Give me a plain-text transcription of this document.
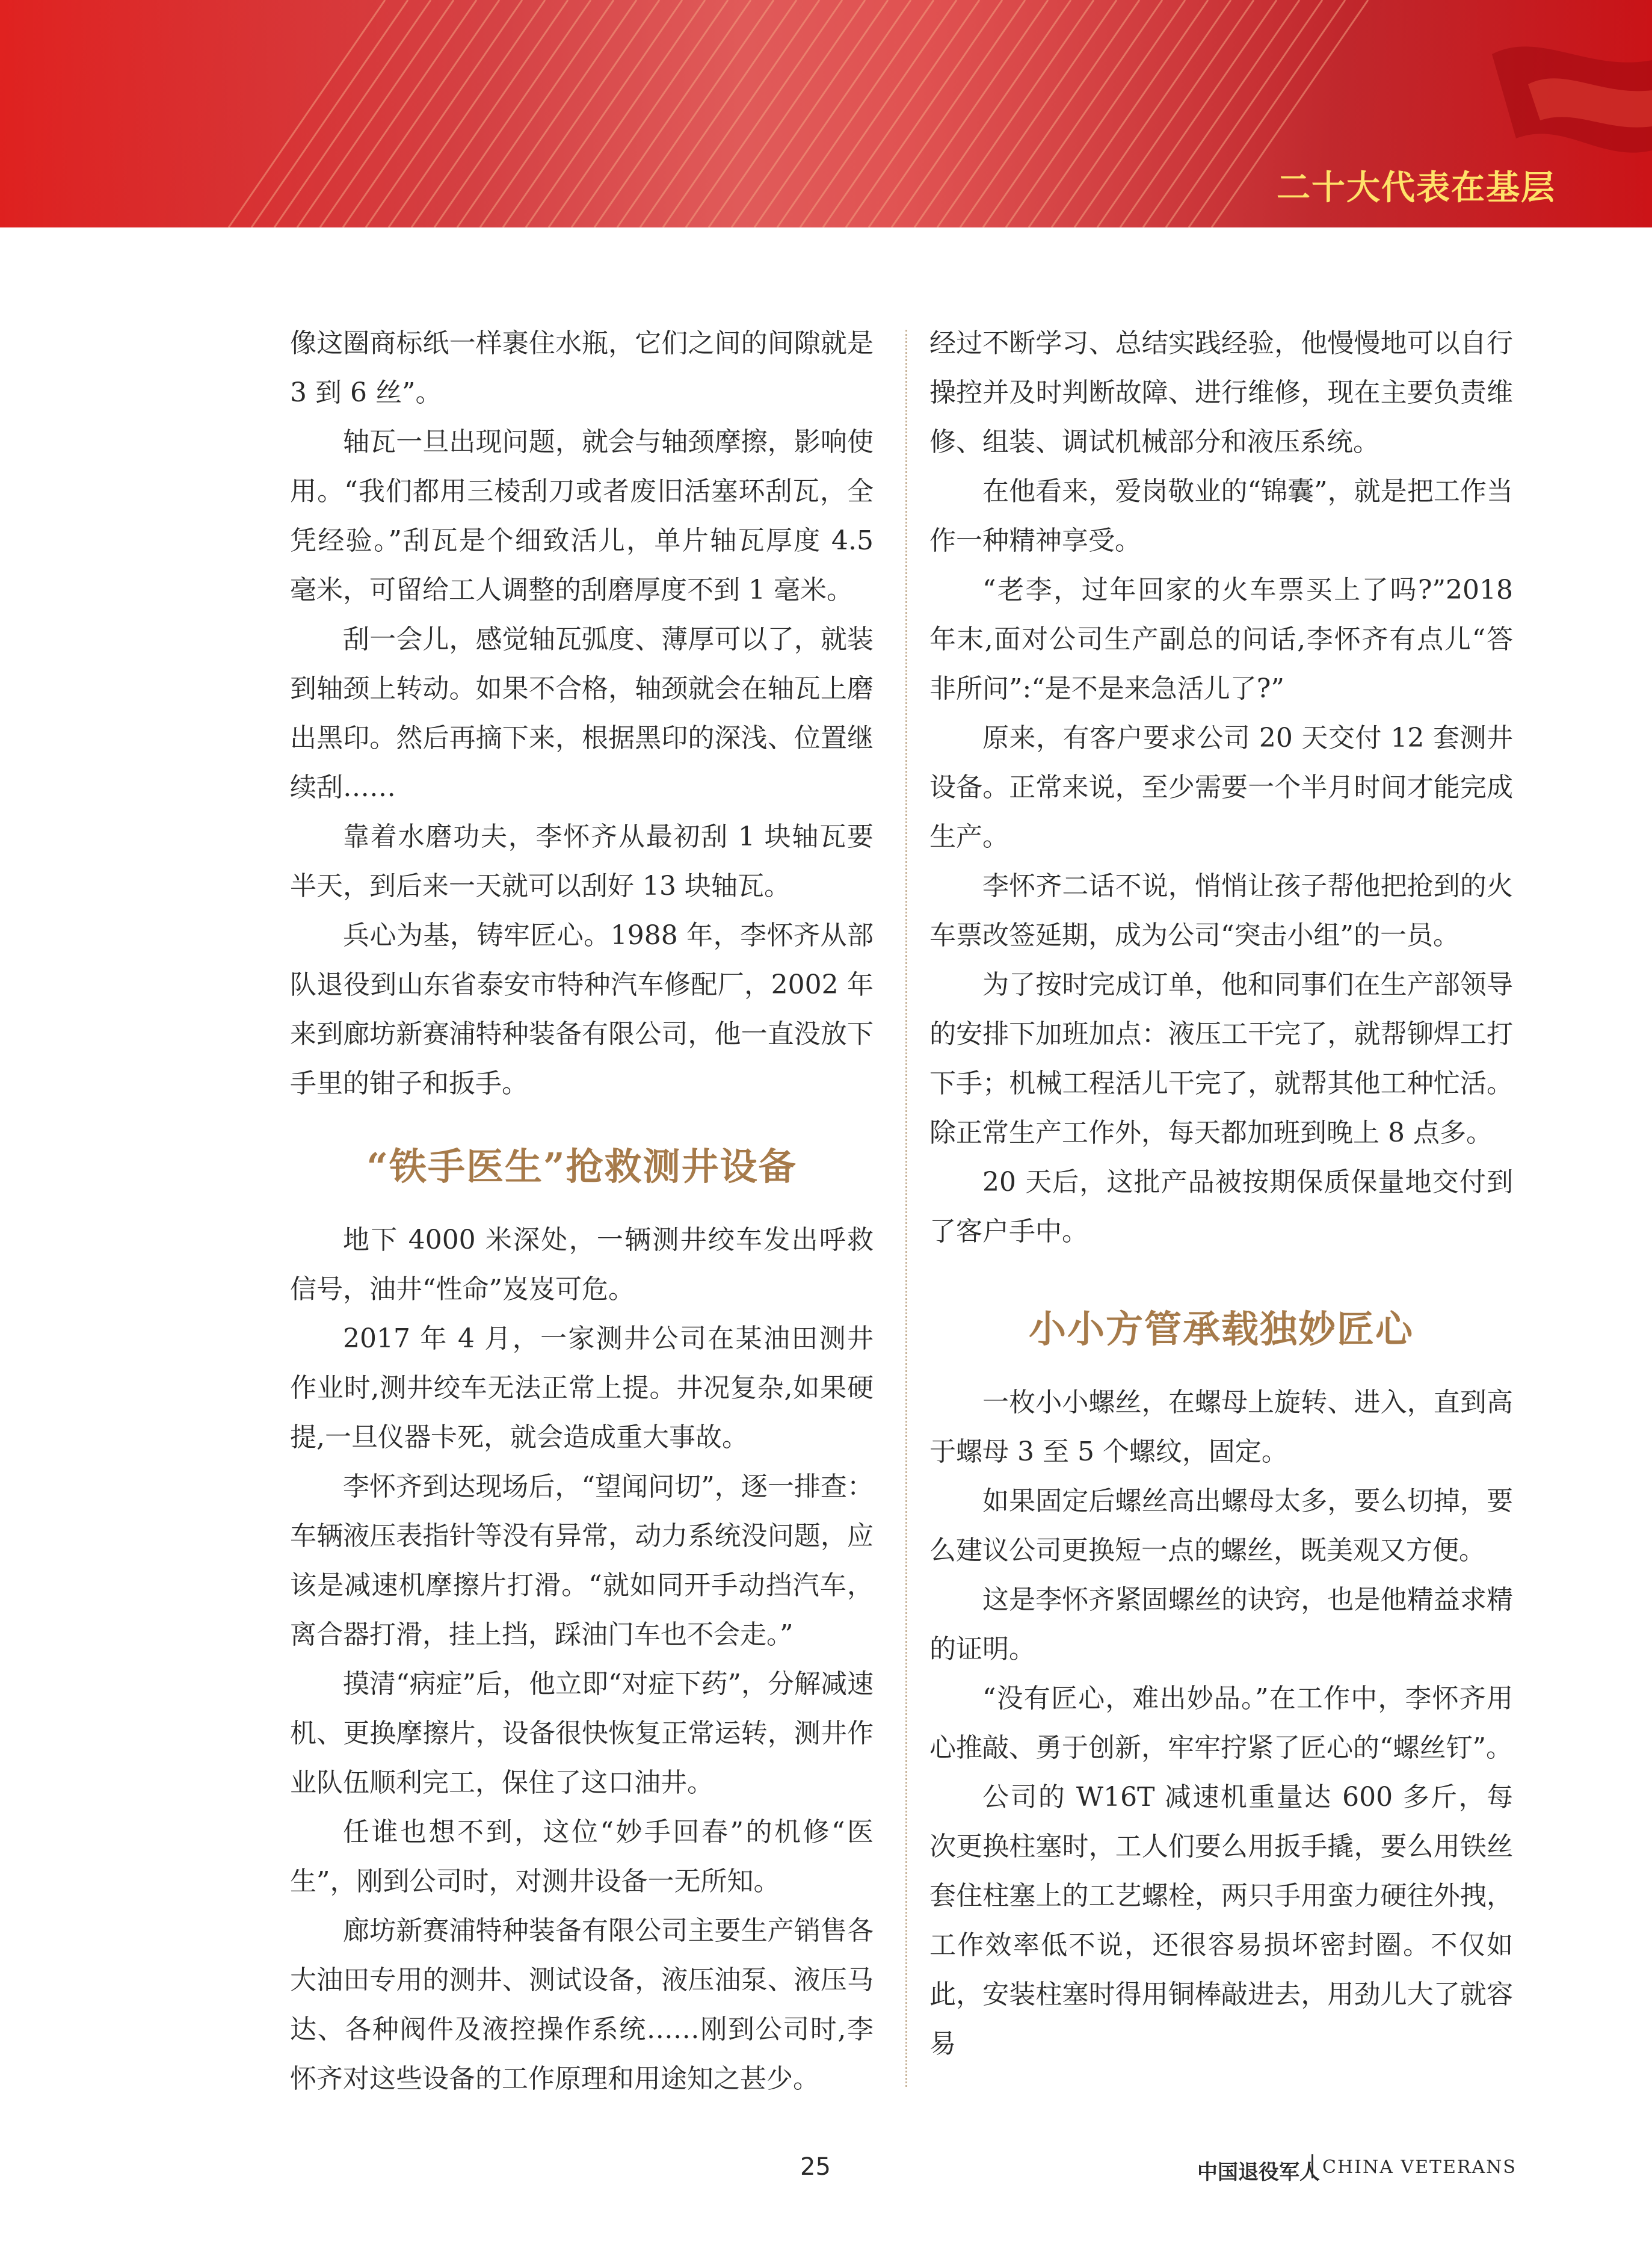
二十大代表在基层

像这圈商标纸一样裹住水瓶，它们之间的间隙就是 3 到 6 丝”。

轴瓦一旦出现问题，就会与轴颈摩擦，影响使用。“我们都用三棱刮刀或者废旧活塞环刮瓦，全凭经验。”刮瓦是个细致活儿，单片轴瓦厚度 4.5 毫米，可留给工人调整的刮磨厚度不到 1 毫米。

刮一会儿，感觉轴瓦弧度、薄厚可以了，就装到轴颈上转动。如果不合格，轴颈就会在轴瓦上磨出黑印。然后再摘下来，根据黑印的深浅、位置继续刮……

靠着水磨功夫，李怀齐从最初刮 1 块轴瓦要半天，到后来一天就可以刮好 13 块轴瓦。

兵心为基，铸牢匠心。1988 年，李怀齐从部队退役到山东省泰安市特种汽车修配厂，2002 年来到廊坊新赛浦特种装备有限公司，他一直没放下手里的钳子和扳手。

“铁手医生”抢救测井设备

地下 4000 米深处，一辆测井绞车发出呼救信号，油井“性命”岌岌可危。

2017 年 4 月，一家测井公司在某油田测井作业时,测井绞车无法正常上提。井况复杂,如果硬提,一旦仪器卡死，就会造成重大事故。

李怀齐到达现场后，“望闻问切”，逐一排查：车辆液压表指针等没有异常，动力系统没问题，应该是减速机摩擦片打滑。“就如同开手动挡汽车，离合器打滑，挂上挡，踩油门车也不会走。”

摸清“病症”后，他立即“对症下药”，分解减速机、更换摩擦片，设备很快恢复正常运转，测井作业队伍顺利完工，保住了这口油井。

任谁也想不到，这位“妙手回春”的机修“医生”，刚到公司时，对测井设备一无所知。

廊坊新赛浦特种装备有限公司主要生产销售各大油田专用的测井、测试设备，液压油泵、液压马达、各种阀件及液控操作系统……刚到公司时,李怀齐对这些设备的工作原理和用途知之甚少。

经过不断学习、总结实践经验，他慢慢地可以自行操控并及时判断故障、进行维修，现在主要负责维修、组装、调试机械部分和液压系统。

在他看来，爱岗敬业的“锦囊”，就是把工作当作一种精神享受。

“老李，过年回家的火车票买上了吗?”2018 年末,面对公司生产副总的问话,李怀齐有点儿“答非所问”:“是不是来急活儿了?”

原来，有客户要求公司 20 天交付 12 套测井设备。正常来说，至少需要一个半月时间才能完成生产。

李怀齐二话不说，悄悄让孩子帮他把抢到的火车票改签延期，成为公司“突击小组”的一员。

为了按时完成订单，他和同事们在生产部领导的安排下加班加点：液压工干完了，就帮铆焊工打下手；机械工程活儿干完了，就帮其他工种忙活。除正常生产工作外，每天都加班到晚上 8 点多。

20 天后，这批产品被按期保质保量地交付到了客户手中。

小小方管承载独妙匠心

一枚小小螺丝，在螺母上旋转、进入，直到高于螺母 3 至 5 个螺纹，固定。

如果固定后螺丝高出螺母太多，要么切掉，要么建议公司更换短一点的螺丝，既美观又方便。

这是李怀齐紧固螺丝的诀窍，也是他精益求精的证明。

“没有匠心，难出妙品。”在工作中，李怀齐用心推敲、勇于创新，牢牢拧紧了匠心的“螺丝钉”。

公司的 W16T 减速机重量达 600 多斤，每次更换柱塞时，工人们要么用扳手撬，要么用铁丝套住柱塞上的工艺螺栓，两只手用蛮力硬往外拽，工作效率低不说，还很容易损坏密封圈。不仅如此，安装柱塞时得用铜棒敲进去，用劲儿大了就容易

25	中国退役军人 CHINA VETERANS
